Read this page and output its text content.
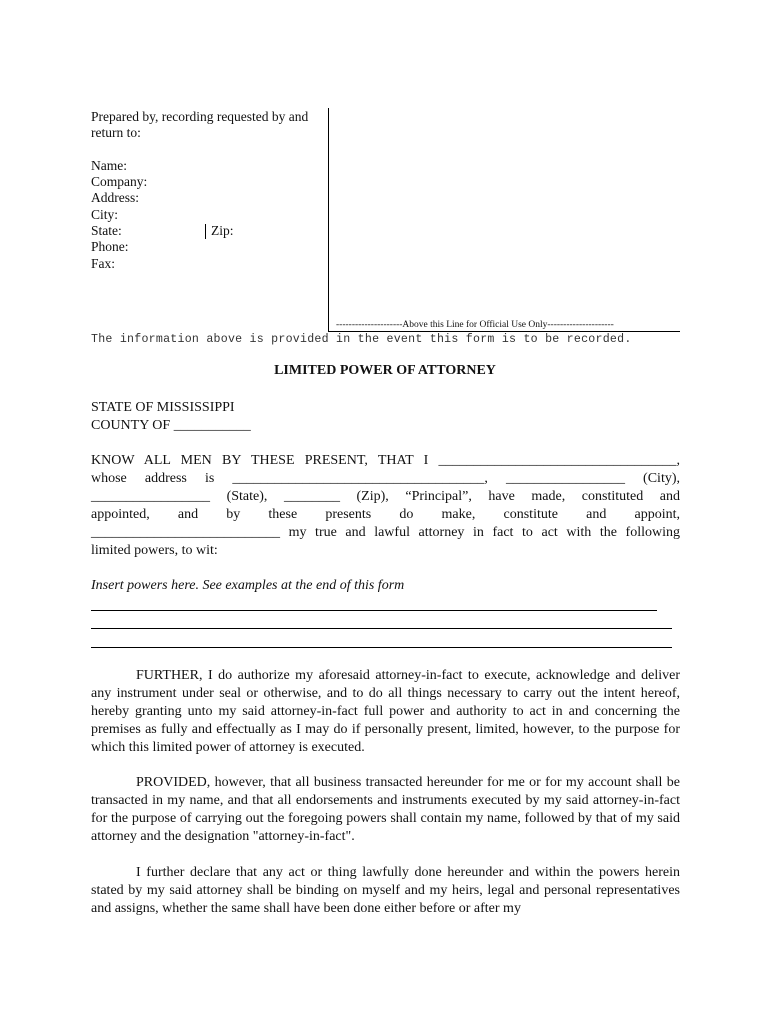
Prepared by, recording requested by and return to:
Name:
Company:
Address:
City:
State:
Phone:
Fax:
Zip:
---------------------Above this Line for Official Use Only---------------------
The information above is provided in the event this form is to be recorded.
LIMITED POWER OF ATTORNEY
STATE OF MISSISSIPPI
COUNTY OF ___________
KNOW ALL MEN BY THESE PRESENT, THAT I __________________________________,
whose address is ____________________________________, _________________ (City),
_________________ (State), ________ (Zip), “Principal”, have made, constituted and
appointed, and by these presents do make, constitute and appoint,
___________________________ my true and lawful attorney in fact to act with the following
limited powers, to wit:
Insert powers here. See examples at the end of this form
FURTHER, I do authorize my aforesaid attorney-in-fact to execute, acknowledge and deliver any instrument under seal or otherwise, and to do all things necessary to carry out the intent hereof, hereby granting unto my said attorney-in-fact full power and authority to act in and concerning the premises as fully and effectually as I may do if personally present, limited, however, to the purpose for which this limited power of attorney is executed.
PROVIDED, however, that all business transacted hereunder for me or for my account shall be transacted in my name, and that all endorsements and instruments executed by my said attorney-in-fact for the purpose of carrying out the foregoing powers shall contain my name, followed by that of my said attorney and the designation "attorney-in-fact".
I further declare that any act or thing lawfully done hereunder and within the powers herein stated by my said attorney shall be binding on myself and my heirs, legal and personal representatives and assigns, whether the same shall have been done either before or after my
